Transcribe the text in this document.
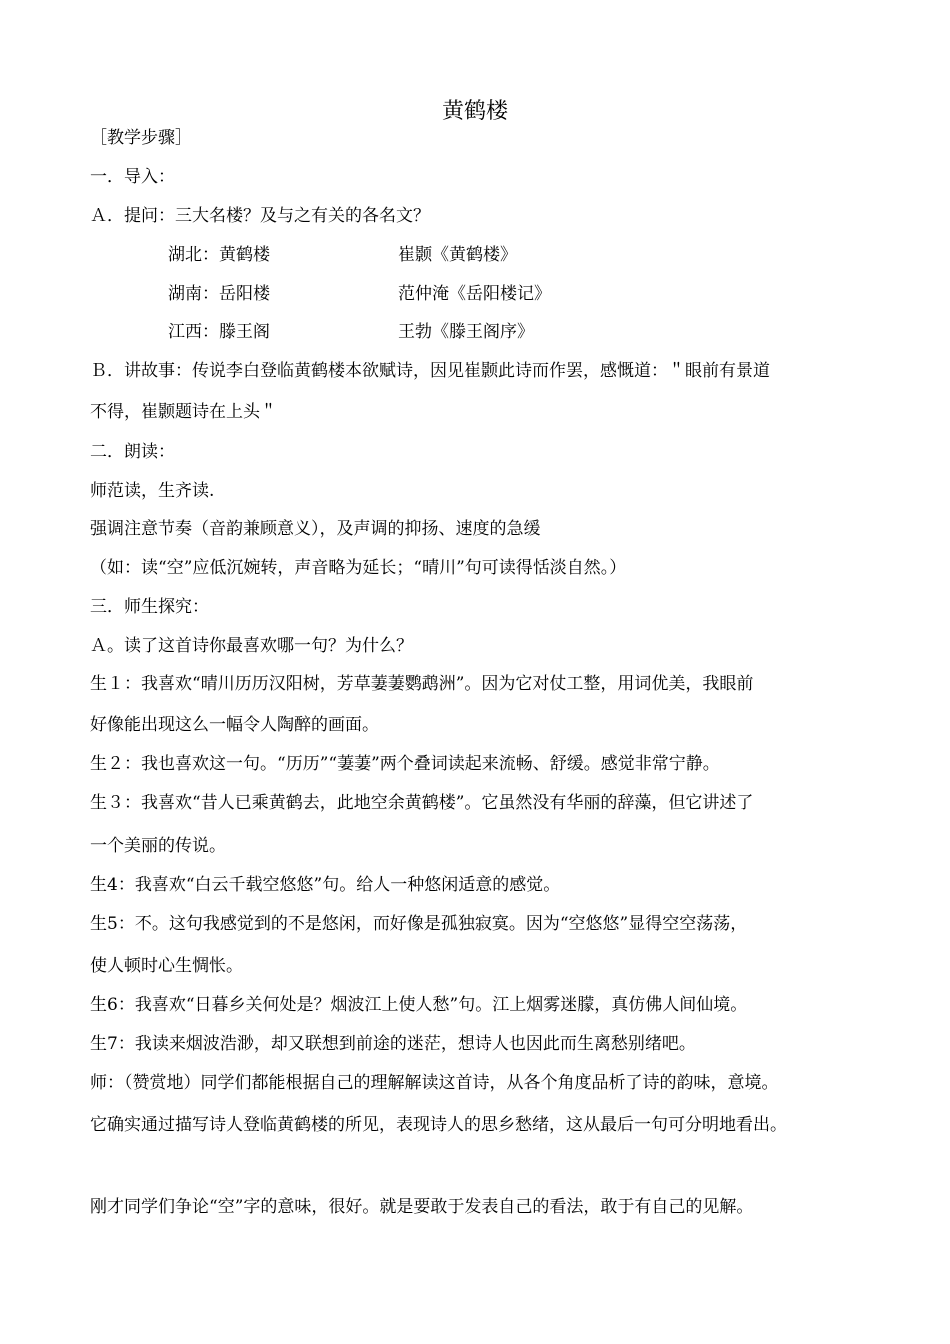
黄鹤楼
［教学步骤］
一．导入：
Ａ．提问：三大名楼？及与之有关的各名文？
湖北：黄鹤楼	崔颢《黄鹤楼》
湖南：岳阳楼	范仲淹《岳阳楼记》
江西：滕王阁	王勃《滕王阁序》
Ｂ．讲故事：传说李白登临黄鹤楼本欲赋诗，因见崔颢此诗而作罢，感慨道：＂眼前有景道
不得，崔颢题诗在上头＂
二．朗读：
师范读，生齐读.
强调注意节奏（音韵兼顾意义），及声调的抑扬、速度的急缓
（如：读“空”应低沉婉转，声音略为延长；“晴川”句可读得恬淡自然。）
三．师生探究：
Ａ。读了这首诗你最喜欢哪一句？为什么？
生１：我喜欢“晴川历历汉阳树，芳草萋萋鹦鹉洲”。因为它对仗工整，用词优美，我眼前
好像能出现这么一幅令人陶醉的画面。
生２：我也喜欢这一句。“历历”“萋萋”两个叠词读起来流畅、舒缓。感觉非常宁静。
生３：我喜欢“昔人已乘黄鹤去，此地空余黄鹤楼”。它虽然没有华丽的辞藻，但它讲述了
一个美丽的传说。
生4：我喜欢“白云千载空悠悠”句。给人一种悠闲适意的感觉。
生5：不。这句我感觉到的不是悠闲，而好像是孤独寂寞。因为“空悠悠”显得空空荡荡，
使人顿时心生惆怅。
生6：我喜欢“日暮乡关何处是？烟波江上使人愁”句。江上烟雾迷朦，真仿佛人间仙境。
生7：我读来烟波浩渺，却又联想到前途的迷茫，想诗人也因此而生离愁别绪吧。
师：（赞赏地）同学们都能根据自己的理解解读这首诗，从各个角度品析了诗的韵味，意境。
它确实通过描写诗人登临黄鹤楼的所见，表现诗人的思乡愁绪，这从最后一句可分明地看出。
刚才同学们争论“空”字的意味，很好。就是要敢于发表自己的看法，敢于有自己的见解。
